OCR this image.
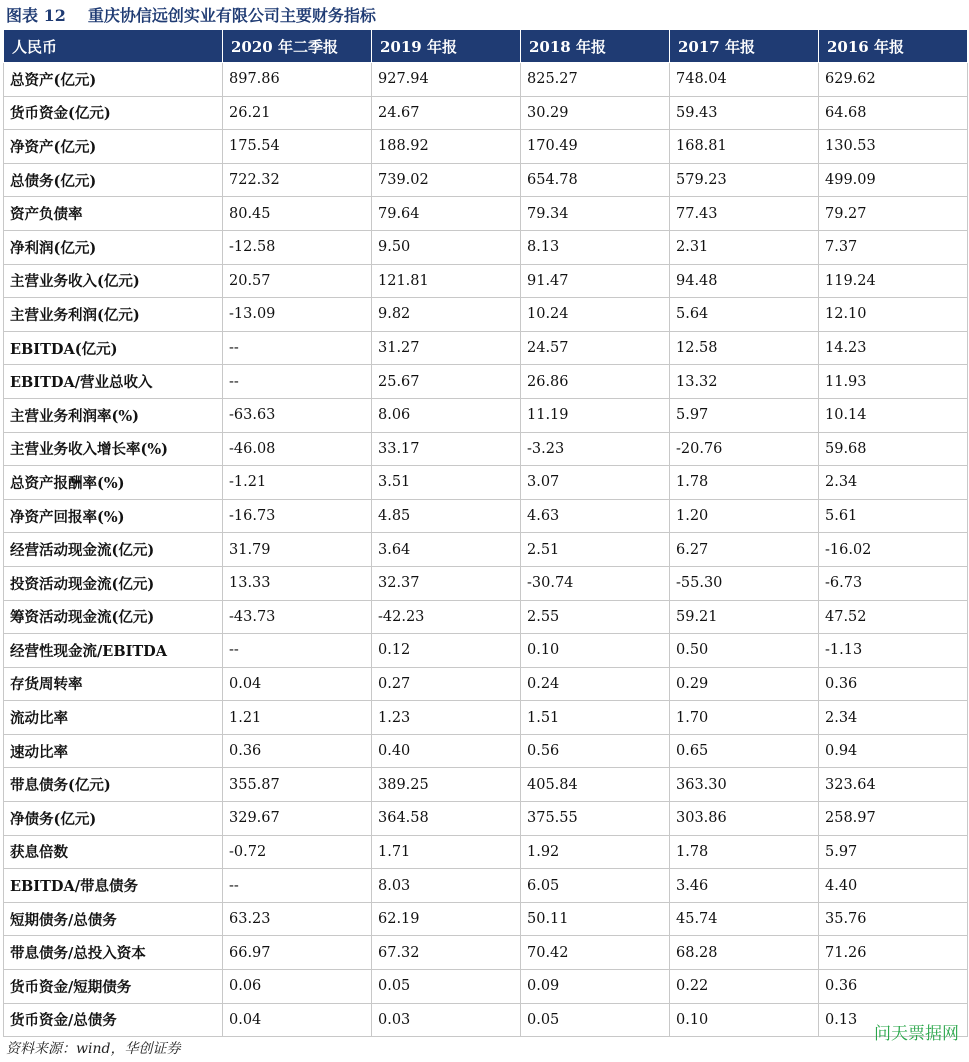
图表 12 重庆协信远创实业有限公司主要财务指标
人民币	2020 年二季报	2019 年报	2018 年报	2017 年报	2016 年报
总资产(亿元)	897.86	927.94	825.27	748.04	629.62
货币资金(亿元)	26.21	24.67	30.29	59.43	64.68
净资产(亿元)	175.54	188.92	170.49	168.81	130.53
总债务(亿元)	722.32	739.02	654.78	579.23	499.09
资产负债率	80.45	79.64	79.34	77.43	79.27
净利润(亿元)	-12.58	9.50	8.13	2.31	7.37
主营业务收入(亿元)	20.57	121.81	91.47	94.48	119.24
主营业务利润(亿元)	-13.09	9.82	10.24	5.64	12.10
EBITDA(亿元)	--	31.27	24.57	12.58	14.23
EBITDA/营业总收入	--	25.67	26.86	13.32	11.93
主营业务利润率(%)	-63.63	8.06	11.19	5.97	10.14
主营业务收入增长率(%)	-46.08	33.17	-3.23	-20.76	59.68
总资产报酬率(%)	-1.21	3.51	3.07	1.78	2.34
净资产回报率(%)	-16.73	4.85	4.63	1.20	5.61
经营活动现金流(亿元)	31.79	3.64	2.51	6.27	-16.02
投资活动现金流(亿元)	13.33	32.37	-30.74	-55.30	-6.73
筹资活动现金流(亿元)	-43.73	-42.23	2.55	59.21	47.52
经营性现金流/EBITDA	--	0.12	0.10	0.50	-1.13
存货周转率	0.04	0.27	0.24	0.29	0.36
流动比率	1.21	1.23	1.51	1.70	2.34
速动比率	0.36	0.40	0.56	0.65	0.94
带息债务(亿元)	355.87	389.25	405.84	363.30	323.64
净债务(亿元)	329.67	364.58	375.55	303.86	258.97
获息倍数	-0.72	1.71	1.92	1.78	5.97
EBITDA/带息债务	--	8.03	6.05	3.46	4.40
短期债务/总债务	63.23	62.19	50.11	45.74	35.76
带息债务/总投入资本	66.97	67.32	70.42	68.28	71.26
货币资金/短期债务	0.06	0.05	0.09	0.22	0.36
货币资金/总债务	0.04	0.03	0.05	0.10	0.13
资料来源：wind，华创证券
问天票据网
